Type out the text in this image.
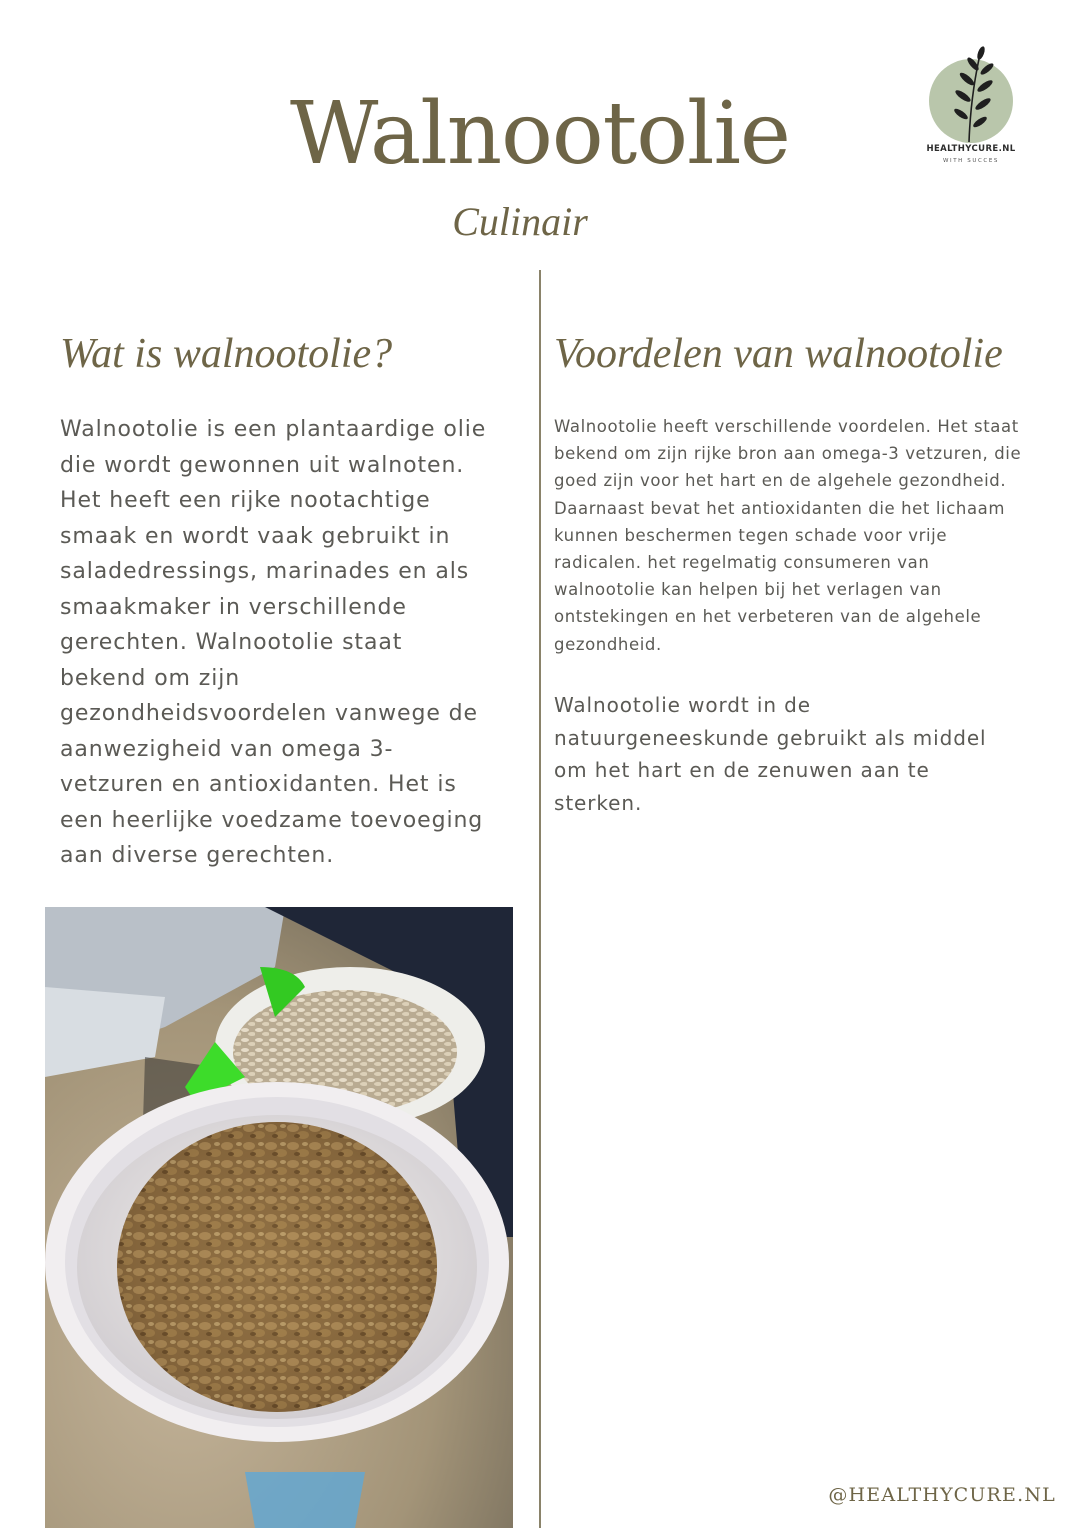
Walnootolie

Culinair

HEALTHYCURE.NL
WITH SUCCES
Wat is walnootolie?

Walnootolie is een plantaardige olie die wordt gewonnen uit walnoten. Het heeft een rijke nootachtige smaak en wordt vaak gebruikt in saladedressings, marinades en als smaakmaker in verschillende gerechten. Walnootolie staat bekend om zijn gezondheidsvoordelen vanwege de aanwezigheid van omega 3-vetzuren en antioxidanten. Het is een heerlijke voedzame toevoeging aan diverse gerechten.

Voordelen van walnootolie

Walnootolie heeft verschillende voordelen. Het staat bekend om zijn rijke bron aan omega-3 vetzuren, die goed zijn voor het hart en de algehele gezondheid. Daarnaast bevat het antioxidanten die het lichaam kunnen beschermen tegen schade voor vrije radicalen. het regelmatig consumeren van walnootolie kan helpen bij het verlagen van ontstekingen en het verbeteren van de algehele gezondheid.

Walnootolie wordt in de natuurgeneeskunde gebruikt als middel om het hart en de zenuwen aan te sterken.

@HEALTHYCURE.NL
